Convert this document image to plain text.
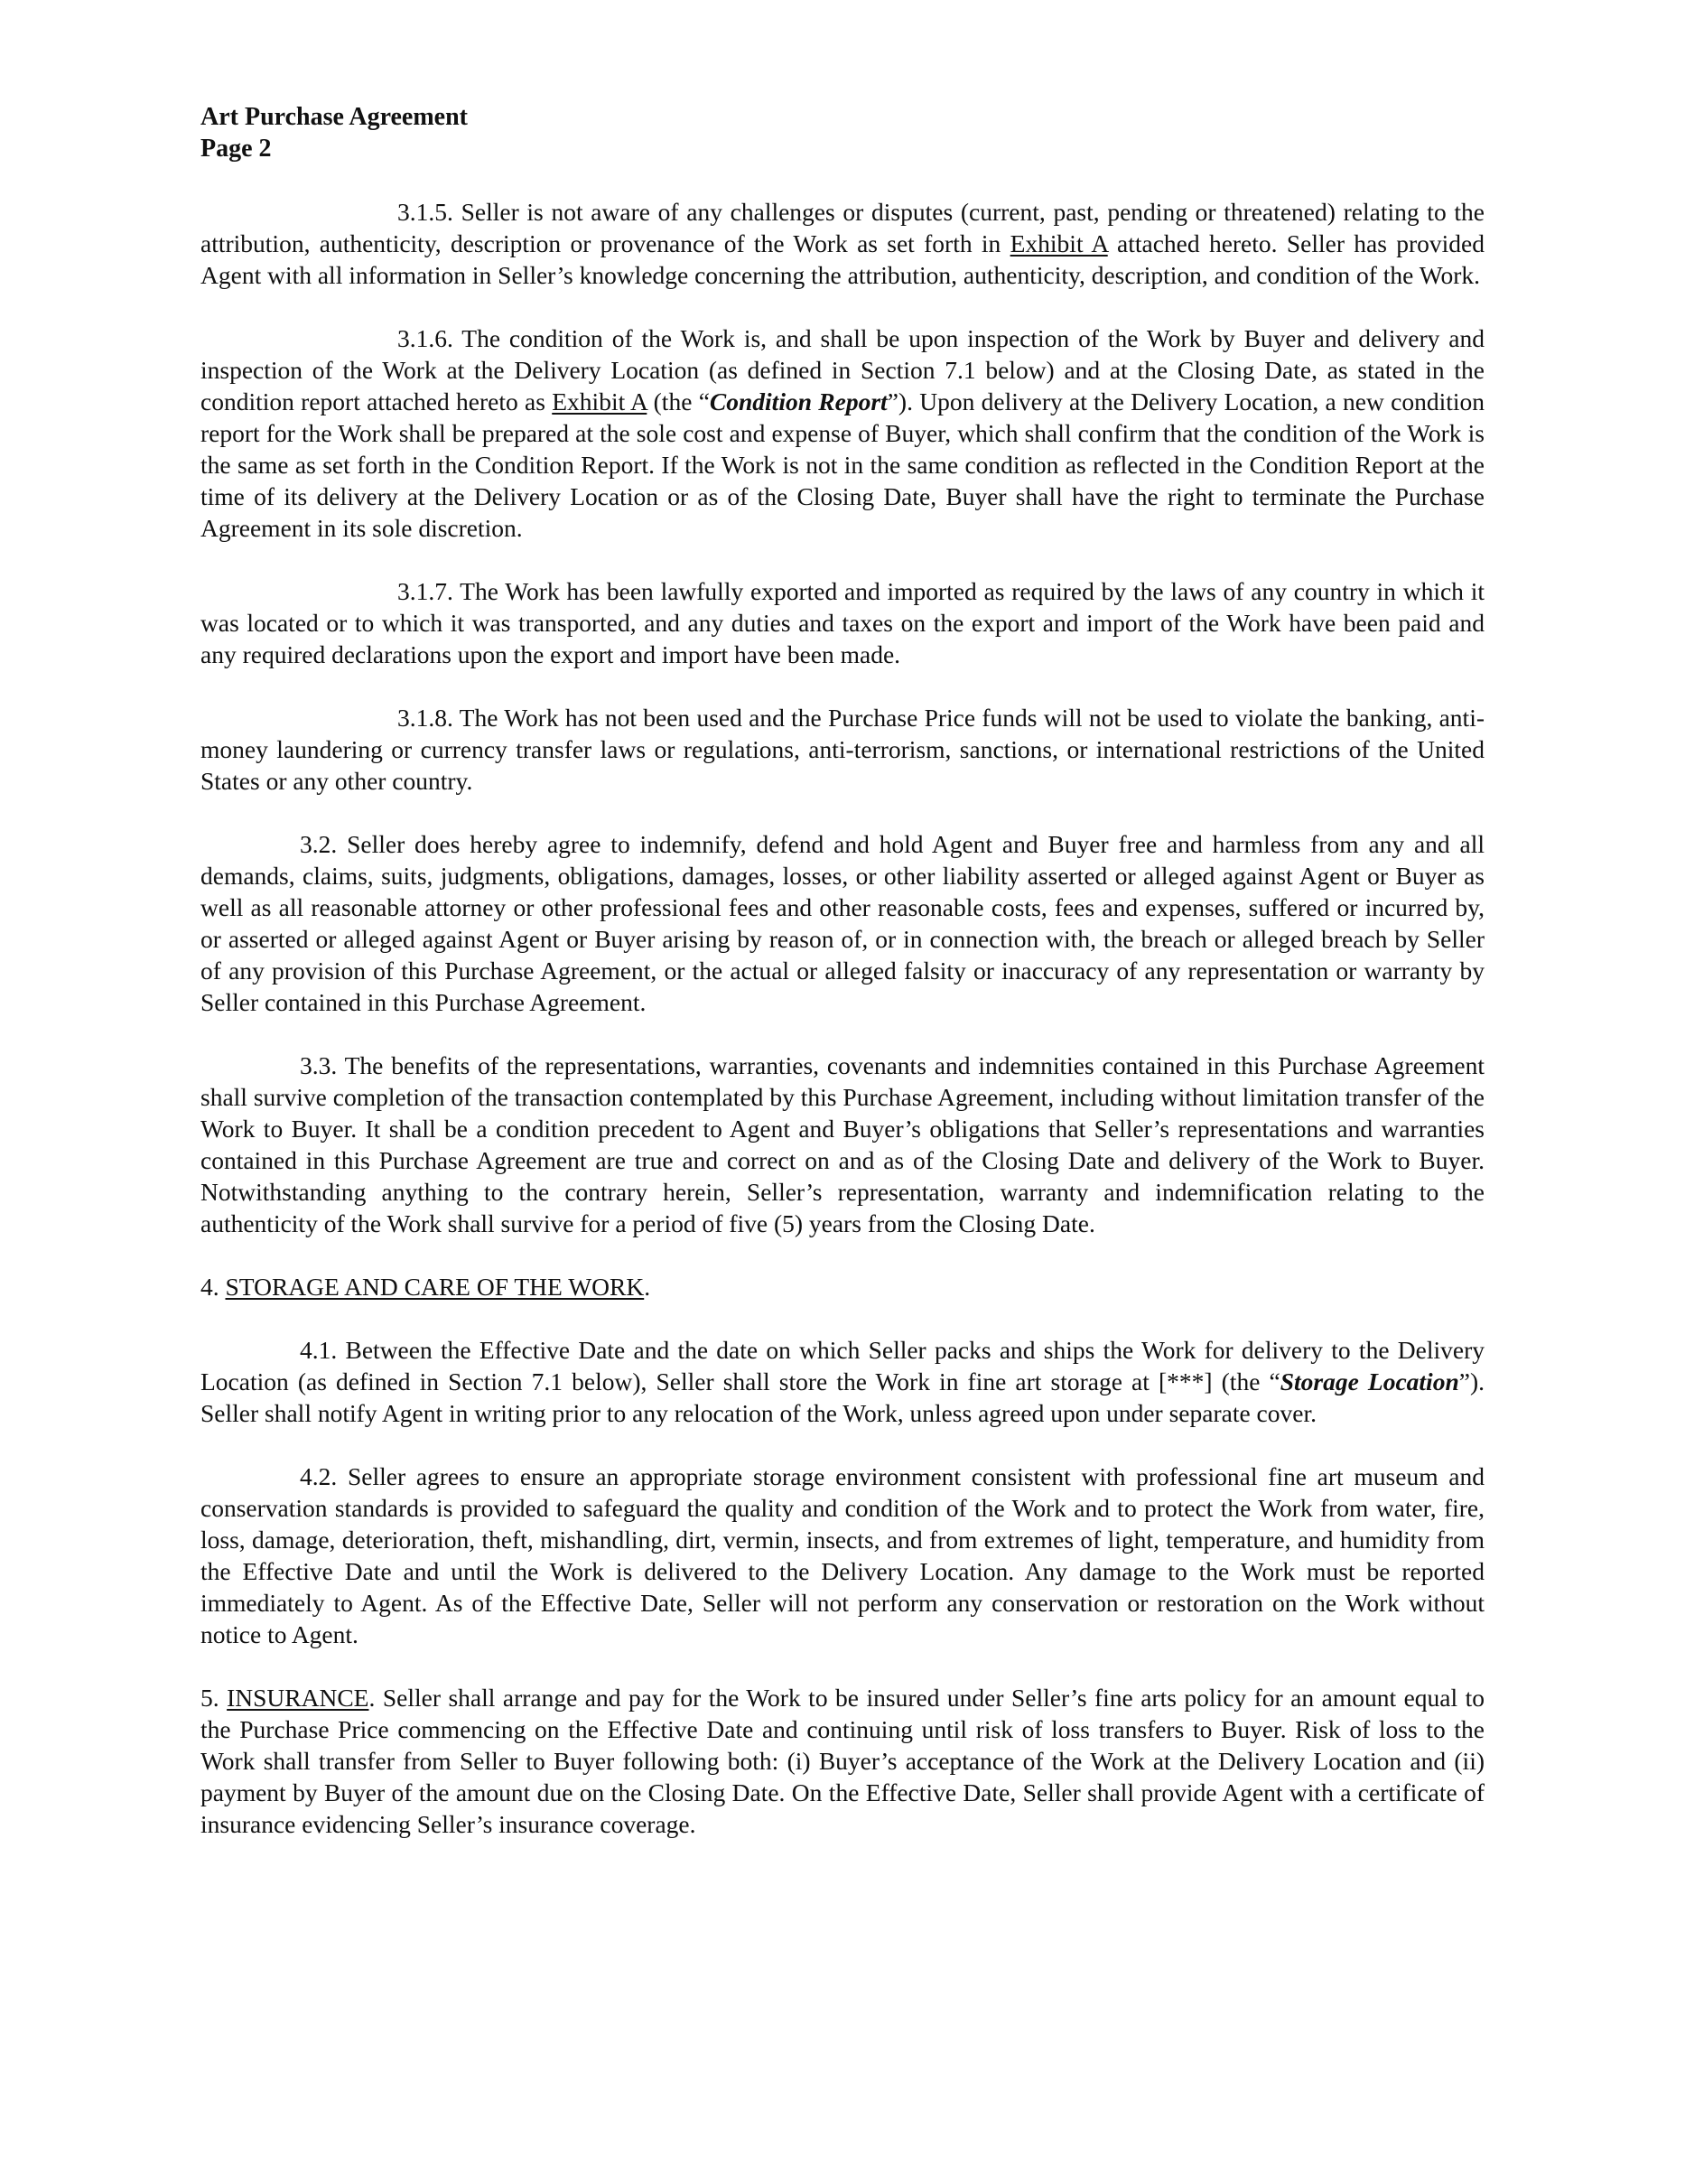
Art Purchase Agreement
Page 2

3.1.5. Seller is not aware of any challenges or disputes (current, past, pending or threatened) relating to the attribution, authenticity, description or provenance of the Work as set forth in Exhibit A attached hereto. Seller has provided Agent with all information in Seller’s knowledge concerning the attribution, authenticity, description, and condition of the Work.

3.1.6. The condition of the Work is, and shall be upon inspection of the Work by Buyer and delivery and inspection of the Work at the Delivery Location (as defined in Section 7.1 below) and at the Closing Date, as stated in the condition report attached hereto as Exhibit A (the “Condition Report”). Upon delivery at the Delivery Location, a new condition report for the Work shall be prepared at the sole cost and expense of Buyer, which shall confirm that the condition of the Work is the same as set forth in the Condition Report. If the Work is not in the same condition as reflected in the Condition Report at the time of its delivery at the Delivery Location or as of the Closing Date, Buyer shall have the right to terminate the Purchase Agreement in its sole discretion.

3.1.7. The Work has been lawfully exported and imported as required by the laws of any country in which it was located or to which it was transported, and any duties and taxes on the export and import of the Work have been paid and any required declarations upon the export and import have been made.

3.1.8. The Work has not been used and the Purchase Price funds will not be used to violate the banking, anti-money laundering or currency transfer laws or regulations, anti-terrorism, sanctions, or international restrictions of the United States or any other country.

3.2. Seller does hereby agree to indemnify, defend and hold Agent and Buyer free and harmless from any and all demands, claims, suits, judgments, obligations, damages, losses, or other liability asserted or alleged against Agent or Buyer as well as all reasonable attorney or other professional fees and other reasonable costs, fees and expenses, suffered or incurred by, or asserted or alleged against Agent or Buyer arising by reason of, or in connection with, the breach or alleged breach by Seller of any provision of this Purchase Agreement, or the actual or alleged falsity or inaccuracy of any representation or warranty by Seller contained in this Purchase Agreement.

3.3. The benefits of the representations, warranties, covenants and indemnities contained in this Purchase Agreement shall survive completion of the transaction contemplated by this Purchase Agreement, including without limitation transfer of the Work to Buyer. It shall be a condition precedent to Agent and Buyer’s obligations that Seller’s representations and warranties contained in this Purchase Agreement are true and correct on and as of the Closing Date and delivery of the Work to Buyer. Notwithstanding anything to the contrary herein, Seller’s representation, warranty and indemnification relating to the authenticity of the Work shall survive for a period of five (5) years from the Closing Date.

4. STORAGE AND CARE OF THE WORK.

4.1. Between the Effective Date and the date on which Seller packs and ships the Work for delivery to the Delivery Location (as defined in Section 7.1 below), Seller shall store the Work in fine art storage at [***] (the “Storage Location”). Seller shall notify Agent in writing prior to any relocation of the Work, unless agreed upon under separate cover.

4.2. Seller agrees to ensure an appropriate storage environment consistent with professional fine art museum and conservation standards is provided to safeguard the quality and condition of the Work and to protect the Work from water, fire, loss, damage, deterioration, theft, mishandling, dirt, vermin, insects, and from extremes of light, temperature, and humidity from the Effective Date and until the Work is delivered to the Delivery Location. Any damage to the Work must be reported immediately to Agent. As of the Effective Date, Seller will not perform any conservation or restoration on the Work without notice to Agent.

5. INSURANCE. Seller shall arrange and pay for the Work to be insured under Seller’s fine arts policy for an amount equal to the Purchase Price commencing on the Effective Date and continuing until risk of loss transfers to Buyer. Risk of loss to the Work shall transfer from Seller to Buyer following both: (i) Buyer’s acceptance of the Work at the Delivery Location and (ii) payment by Buyer of the amount due on the Closing Date. On the Effective Date, Seller shall provide Agent with a certificate of insurance evidencing Seller’s insurance coverage.
